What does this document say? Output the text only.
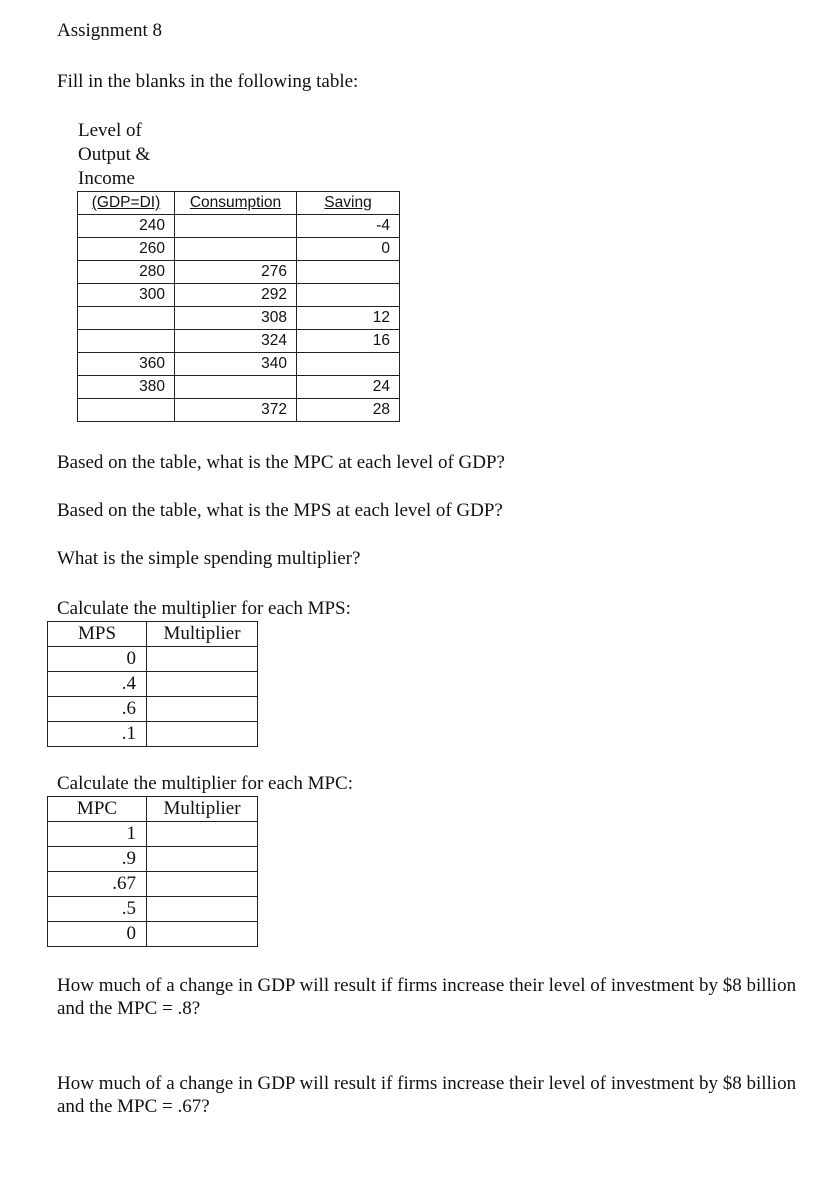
Assignment 8
Fill in the blanks in the following table:
Level of
Output &
Income
(GDP=DI)	Consumption	Saving
240		-4
260		0
280	276	
300	292	
	308	12
	324	16
360	340	
380		24
	372	28
Based on the table, what is the MPC at each level of GDP?
Based on the table, what is the MPS at each level of GDP?
What is the simple spending multiplier?
Calculate the multiplier for each MPS:
MPS	Multiplier
0	
.4	
.6	
.1	
Calculate the multiplier for each MPC:
MPC	Multiplier
1	
.9	
.67	
.5	
0	
How much of a change in GDP will result if firms increase their level of investment by $8 billion and the MPC = .8?
How much of a change in GDP will result if firms increase their level of investment by $8 billion and the MPC = .67?
